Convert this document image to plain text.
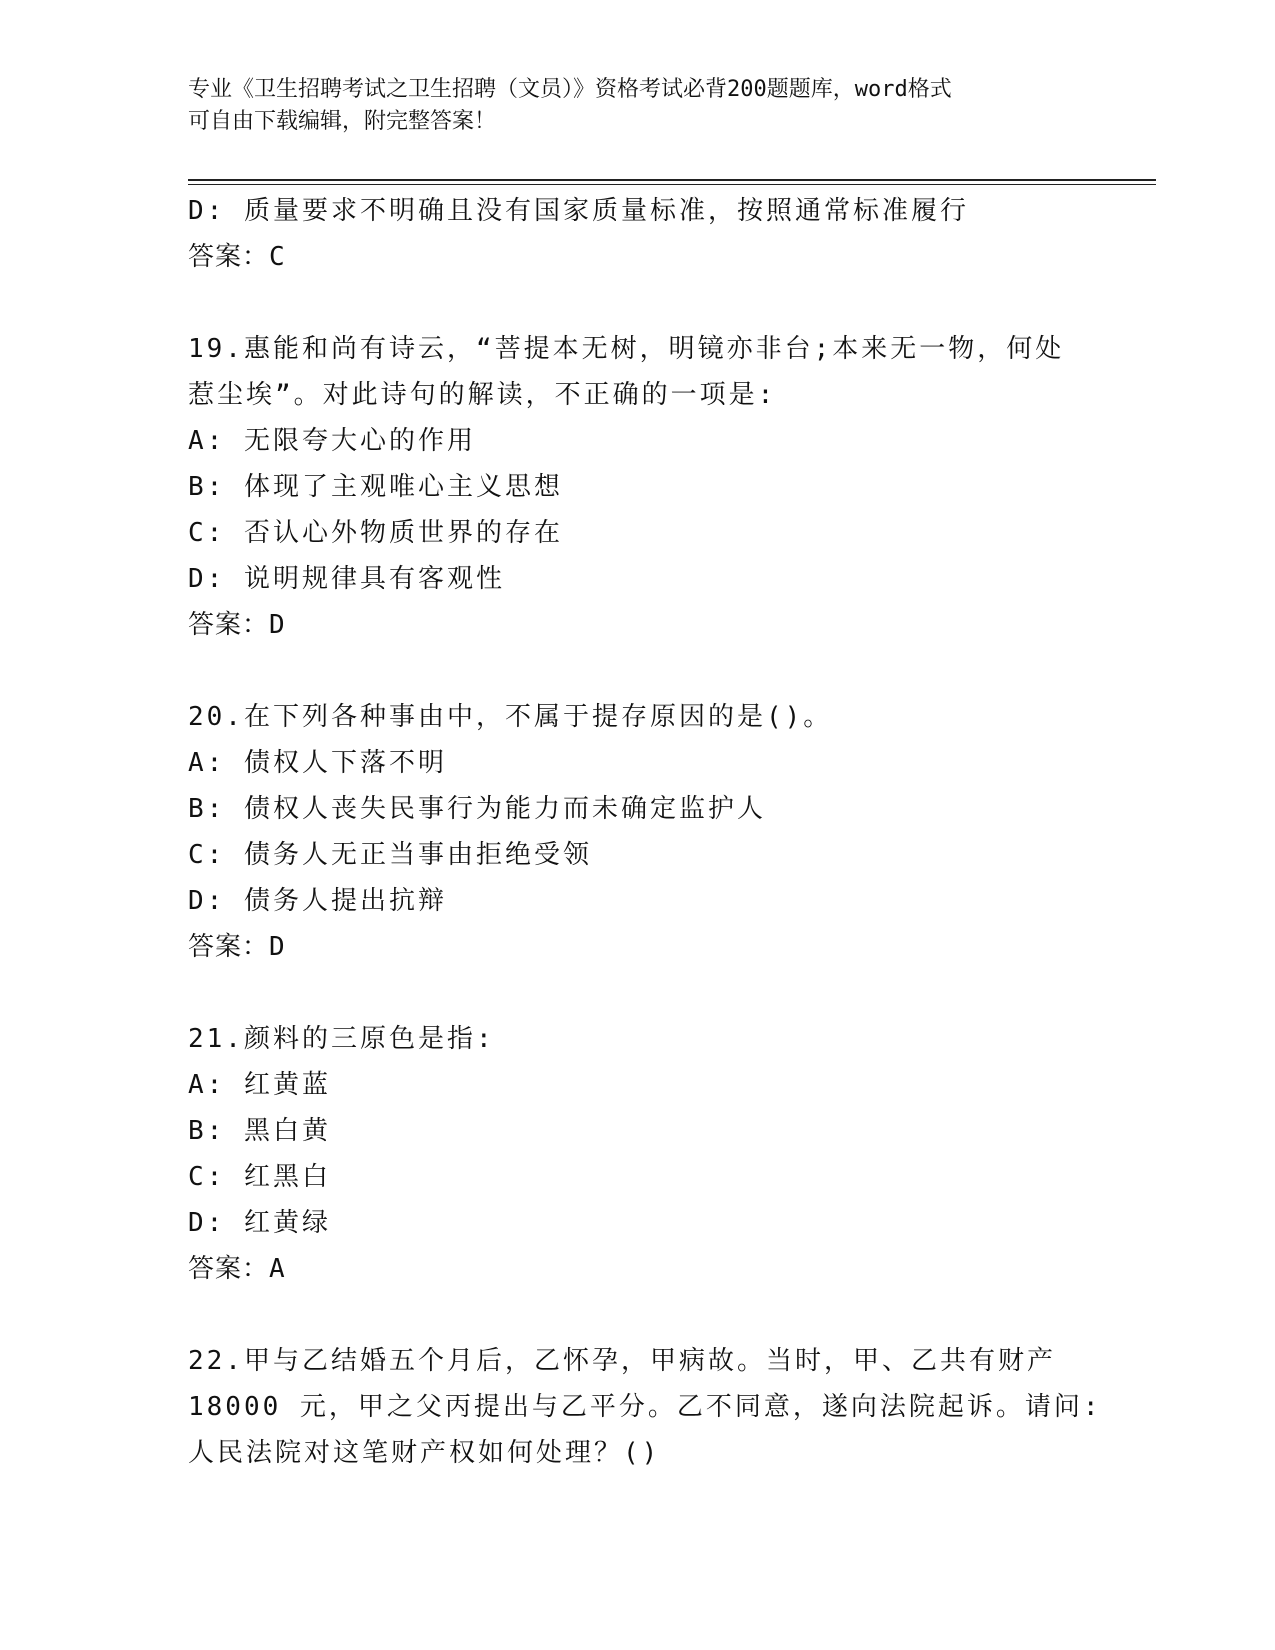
专业《卫生招聘考试之卫生招聘（文员）》资格考试必背200题题库，word格式
可自由下载编辑，附完整答案！
D: 质量要求不明确且没有国家质量标准，按照通常标准履行
答案：C
19.惠能和尚有诗云，“菩提本无树，明镜亦非台;本来无一物，何处
惹尘埃”。对此诗句的解读，不正确的一项是:
A: 无限夸大心的作用
B: 体现了主观唯心主义思想
C: 否认心外物质世界的存在
D: 说明规律具有客观性
答案：D
20.在下列各种事由中，不属于提存原因的是()。
A: 债权人下落不明
B: 债权人丧失民事行为能力而未确定监护人
C: 债务人无正当事由拒绝受领
D: 债务人提出抗辩
答案：D
21.颜料的三原色是指:
A: 红黄蓝
B: 黑白黄
C: 红黑白
D: 红黄绿
答案：A
22.甲与乙结婚五个月后，乙怀孕，甲病故。当时，甲、乙共有财产
18000 元，甲之父丙提出与乙平分。乙不同意，遂向法院起诉。请问:
人民法院对这笔财产权如何处理？()
